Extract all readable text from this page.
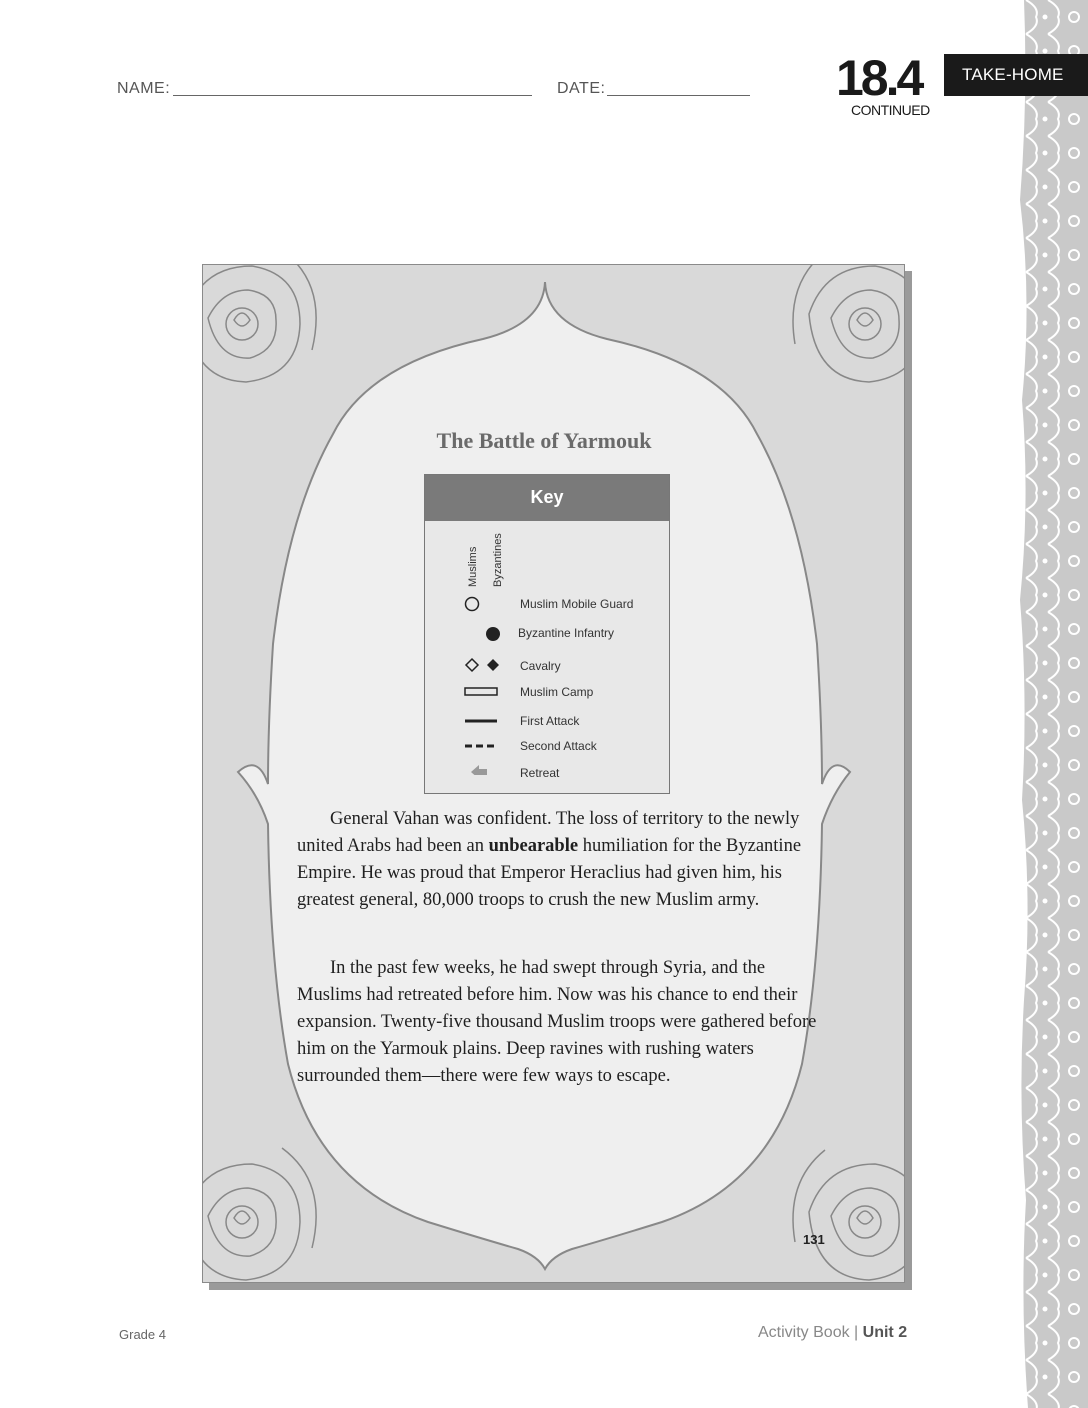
NAME:	DATE:	18.4
CONTINUED
TAKE-HOME
The Battle of Yarmouk
Key
Muslims Byzantines
Muslim Mobile Guard
Byzantine Infantry
Cavalry
Muslim Camp
First Attack
Second Attack
Retreat

General Vahan was confident. The loss of territory to the newly united Arabs had been an unbearable humiliation for the Byzantine Empire. He was proud that Emperor Heraclius had given him, his greatest general, 80,000 troops to crush the new Muslim army.

In the past few weeks, he had swept through Syria, and the Muslims had retreated before him. Now was his chance to end their expansion. Twenty-five thousand Muslim troops were gathered before him on the Yarmouk plains. Deep ravines with rushing waters surrounded them—there were few ways to escape.

131
Grade 4	Activity Book | Unit 2
